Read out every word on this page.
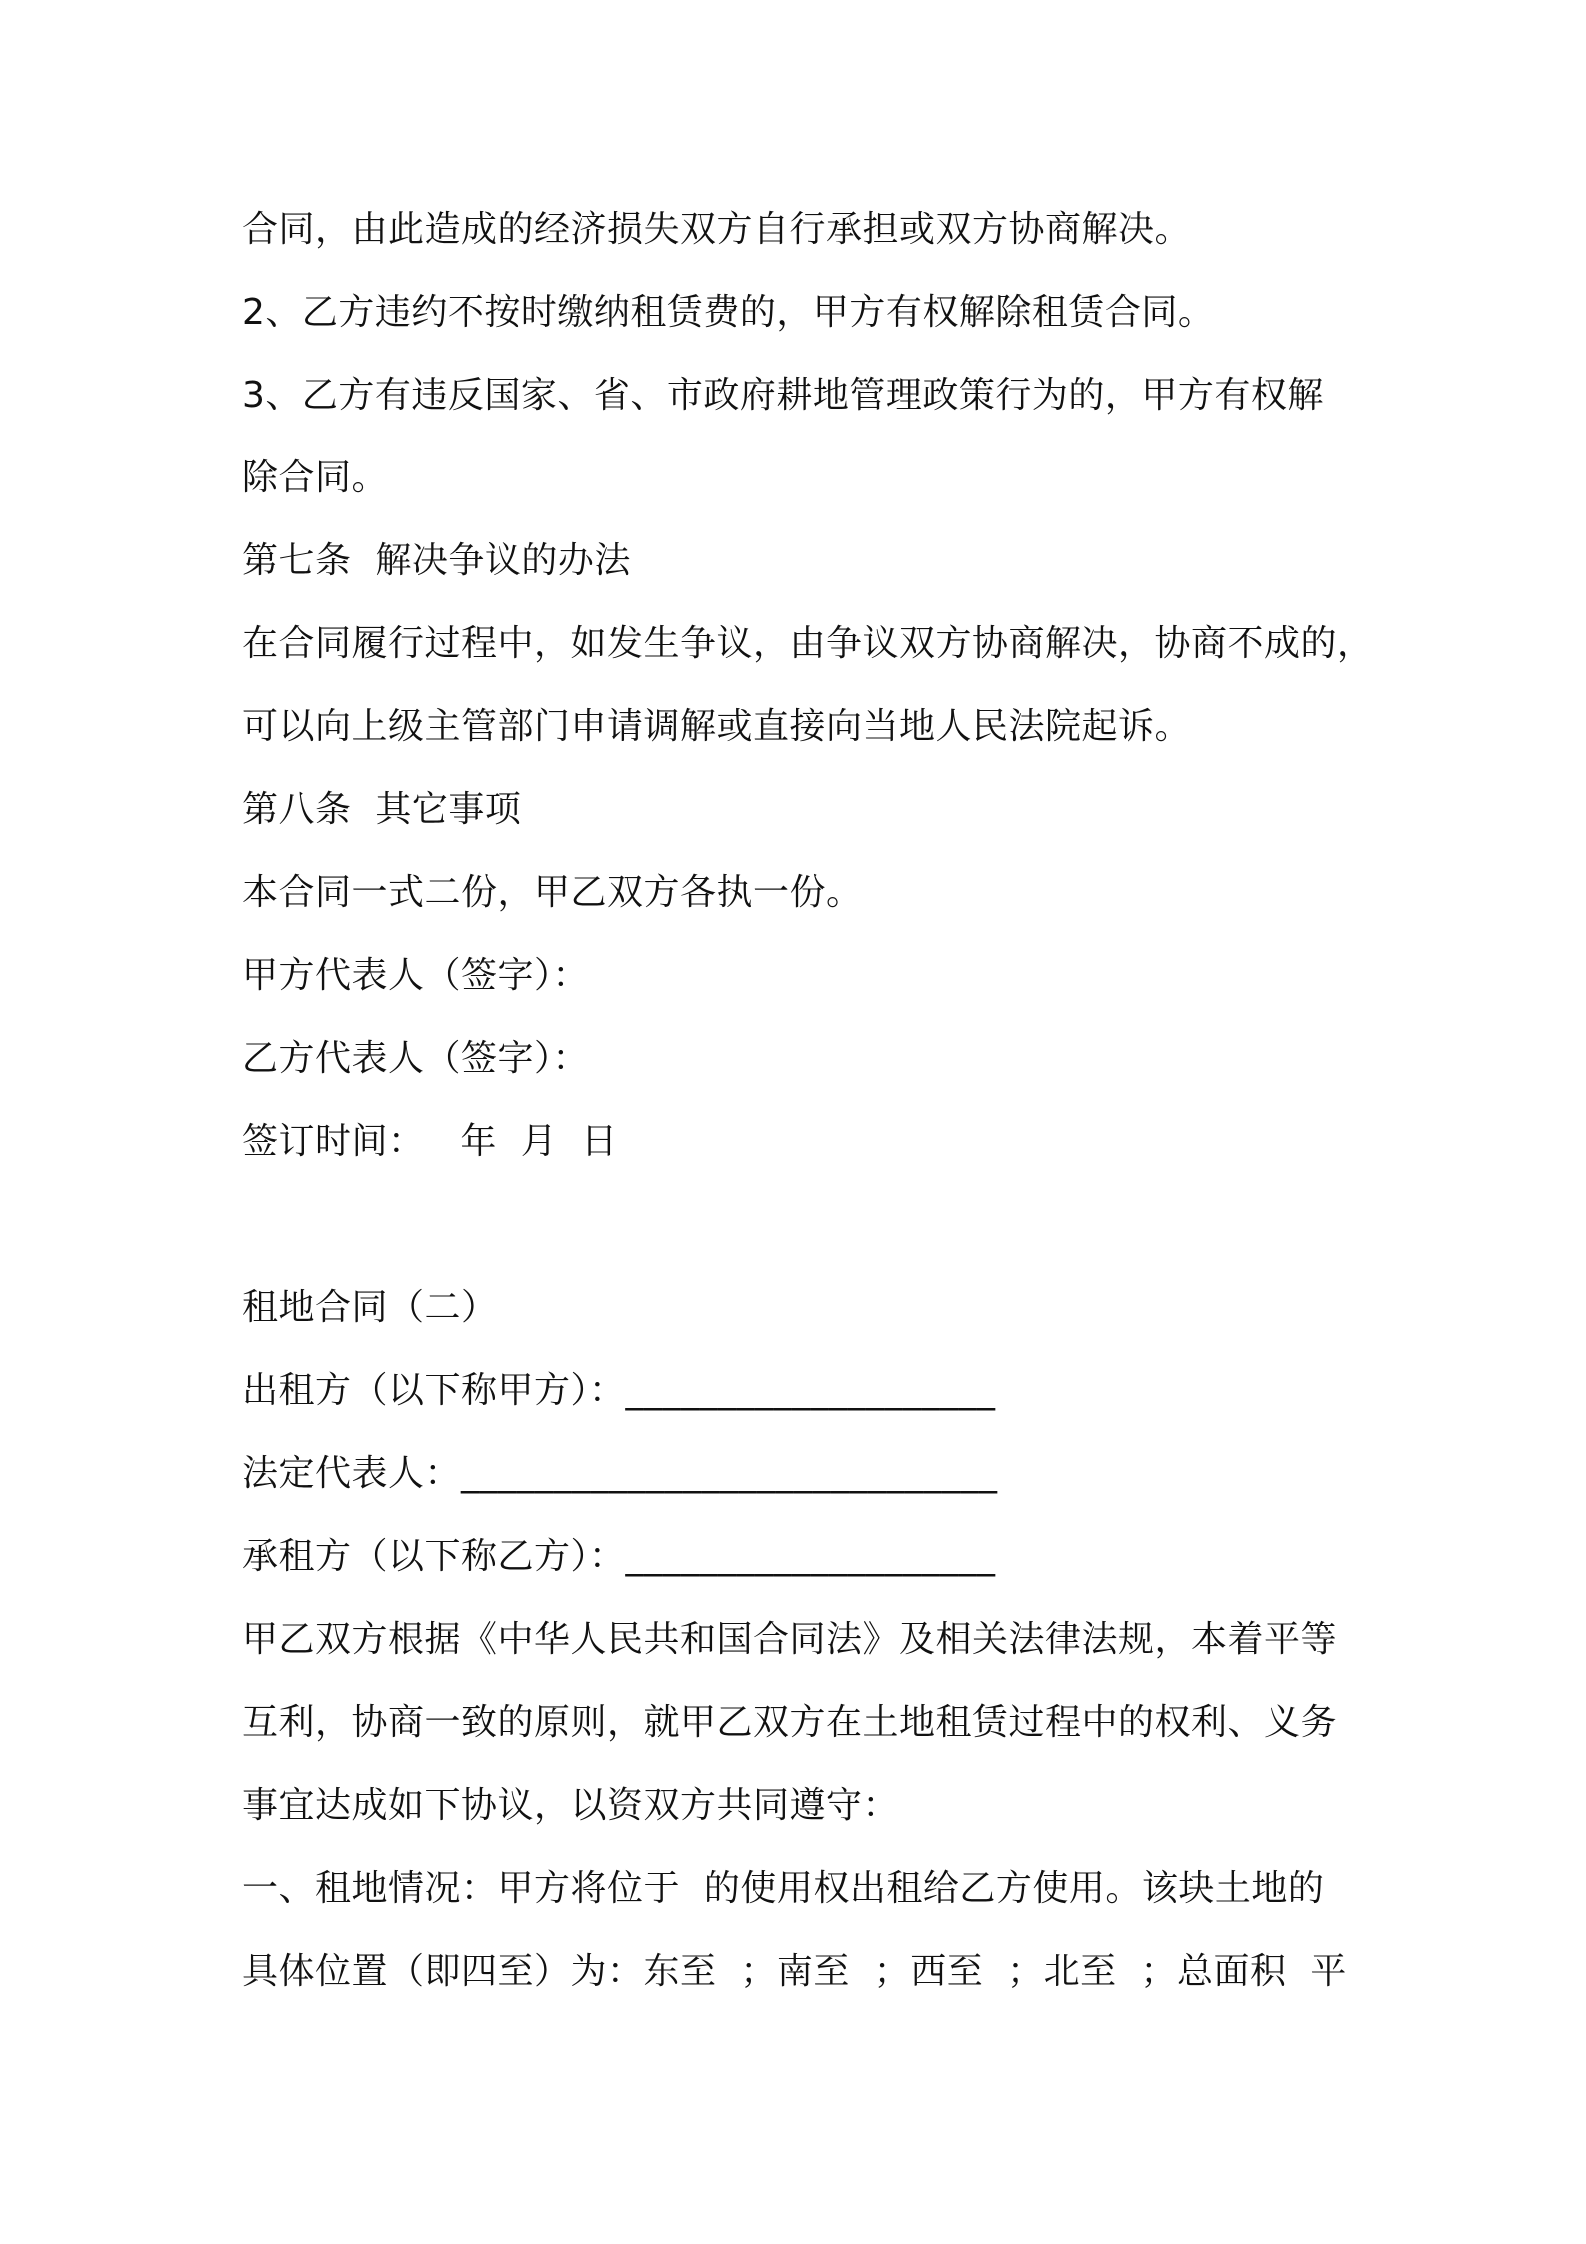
合同，由此造成的经济损失双方自行承担或双方协商解决。
2、乙方违约不按时缴纳租赁费的，甲方有权解除租赁合同。
3、乙方有违反国家、省、市政府耕地管理政策行为的，甲方有权解
除合同。
第七条  解决争议的办法
在合同履行过程中，如发生争议，由争议双方协商解决，协商不成的，
可以向上级主管部门申请调解或直接向当地人民法院起诉。
第八条  其它事项
本合同一式二份，甲乙双方各执一份。
甲方代表人（签字）：
乙方代表人（签字）：
签订时间：   年  月  日
租地合同（二）
出租方（以下称甲方）：____________________
法定代表人：_____________________________
承租方（以下称乙方）：____________________
甲乙双方根据《中华人民共和国合同法》及相关法律法规，本着平等
互利，协商一致的原则，就甲乙双方在土地租赁过程中的权利、义务
事宜达成如下协议，以资双方共同遵守：
一、租地情况：甲方将位于  的使用权出租给乙方使用。该块土地的
具体位置（即四至）为：东至  ；南至  ；西至  ；北至  ；总面积  平
